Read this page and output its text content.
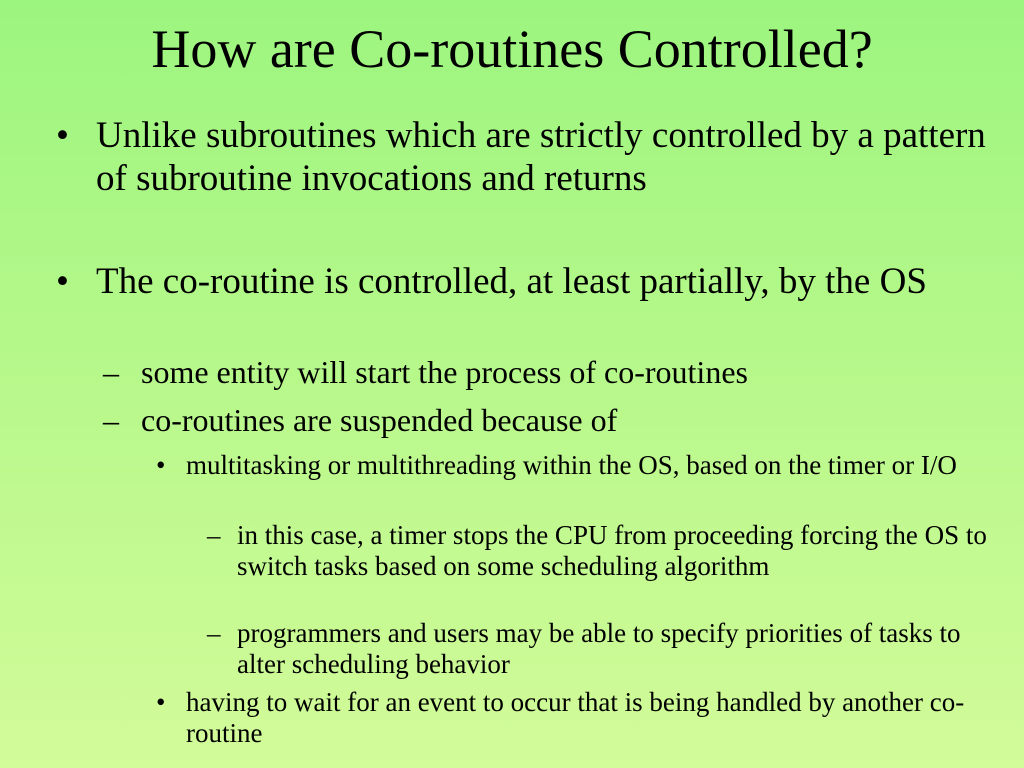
How are Co-routines Controlled?
• Unlike subroutines which are strictly controlled by a pattern of subroutine invocations and returns
• The co-routine is controlled, at least partially, by the OS
– some entity will start the process of co-routines
– co-routines are suspended because of
• multitasking or multithreading within the OS, based on the timer or I/O
– in this case, a timer stops the CPU from proceeding forcing the OS to switch tasks based on some scheduling algorithm
– programmers and users may be able to specify priorities of tasks to alter scheduling behavior
• having to wait for an event to occur that is being handled by another co-routine
